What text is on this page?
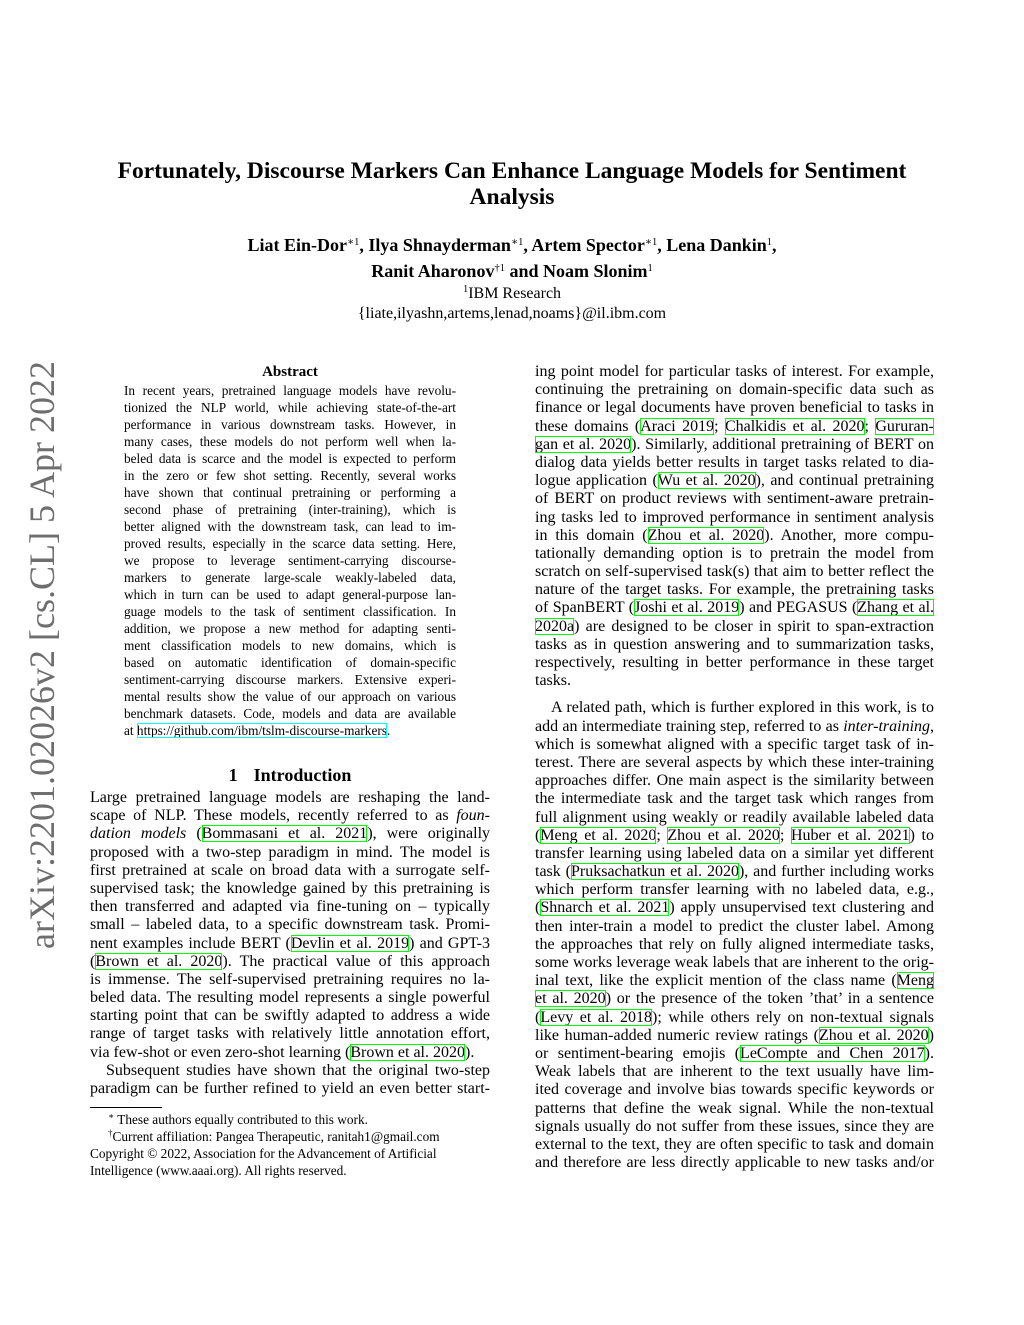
arXiv:2201.02026v2 [cs.CL] 5 Apr 2022
Fortunately, Discourse Markers Can Enhance Language Models for Sentiment
Analysis
Liat Ein-Dor$^{∗1}$, Ilya Shnayderman$^{∗1}$, Artem Spector$^{∗1}$, Lena Dankin$^1$,
Ranit Aharonov$^{\dagger 1}$ and Noam Slonim$^1$
$^1$IBM Research
{liate,ilyashn,artems,lenad,noams}@il.ibm.com
Abstract
In recent years, pretrained language models have revolu-
tionized the NLP world, while achieving state-of-the-art
performance in various downstream tasks. However, in
many cases, these models do not perform well when la-
beled data is scarce and the model is expected to perform
in the zero or few shot setting. Recently, several works
have shown that continual pretraining or performing a
second phase of pretraining (inter-training), which is
better aligned with the downstream task, can lead to im-
proved results, especially in the scarce data setting. Here,
we propose to leverage sentiment-carrying discourse-
markers to generate large-scale weakly-labeled data,
which in turn can be used to adapt general-purpose lan-
guage models to the task of sentiment classification. In
addition, we propose a new method for adapting senti-
ment classification models to new domains, which is
based on automatic identification of domain-specific
sentiment-carrying discourse markers. Extensive experi-
mental results show the value of our approach on various
benchmark datasets. Code, models and data are available
at https://github.com/ibm/tslm-discourse-markers.
1 Introduction
Large pretrained language models are reshaping the land-
scape of NLP. These models, recently referred to as foun-
dation models (Bommasani et al. 2021), were originally
proposed with a two-step paradigm in mind. The model is
first pretrained at scale on broad data with a surrogate self-
supervised task; the knowledge gained by this pretraining is
then transferred and adapted via fine-tuning on – typically
small – labeled data, to a specific downstream task. Promi-
nent examples include BERT (Devlin et al. 2019) and GPT-3
(Brown et al. 2020). The practical value of this approach
is immense. The self-supervised pretraining requires no la-
beled data. The resulting model represents a single powerful
starting point that can be swiftly adapted to address a wide
range of target tasks with relatively little annotation effort,
via few-shot or even zero-shot learning (Brown et al. 2020).
Subsequent studies have shown that the original two-step
paradigm can be further refined to yield an even better start-
∗ These authors equally contributed to this work.
†Current affiliation: Pangea Therapeutic, ranitah1@gmail.com
Copyright © 2022, Association for the Advancement of Artificial
Intelligence (www.aaai.org). All rights reserved.
ing point model for particular tasks of interest. For example,
continuing the pretraining on domain-specific data such as
finance or legal documents have proven beneficial to tasks in
these domains (Araci 2019; Chalkidis et al. 2020; Gururan-
gan et al. 2020). Similarly, additional pretraining of BERT on
dialog data yields better results in target tasks related to dia-
logue application (Wu et al. 2020), and continual pretraining
of BERT on product reviews with sentiment-aware pretrain-
ing tasks led to improved performance in sentiment analysis
in this domain (Zhou et al. 2020). Another, more compu-
tationally demanding option is to pretrain the model from
scratch on self-supervised task(s) that aim to better reflect the
nature of the target tasks. For example, the pretraining tasks
of SpanBERT (Joshi et al. 2019) and PEGASUS (Zhang et al.
2020a) are designed to be closer in spirit to span-extraction
tasks as in question answering and to summarization tasks,
respectively, resulting in better performance in these target
tasks.
A related path, which is further explored in this work, is to
add an intermediate training step, referred to as inter-training,
which is somewhat aligned with a specific target task of in-
terest. There are several aspects by which these inter-training
approaches differ. One main aspect is the similarity between
the intermediate task and the target task which ranges from
full alignment using weakly or readily available labeled data
(Meng et al. 2020; Zhou et al. 2020; Huber et al. 2021) to
transfer learning using labeled data on a similar yet different
task (Pruksachatkun et al. 2020), and further including works
which perform transfer learning with no labeled data, e.g.,
(Shnarch et al. 2021) apply unsupervised text clustering and
then inter-train a model to predict the cluster label. Among
the approaches that rely on fully aligned intermediate tasks,
some works leverage weak labels that are inherent to the orig-
inal text, like the explicit mention of the class name (Meng
et al. 2020) or the presence of the token ’that’ in a sentence
(Levy et al. 2018); while others rely on non-textual signals
like human-added numeric review ratings (Zhou et al. 2020)
or sentiment-bearing emojis (LeCompte and Chen 2017).
Weak labels that are inherent to the text usually have lim-
ited coverage and involve bias towards specific keywords or
patterns that define the weak signal. While the non-textual
signals usually do not suffer from these issues, since they are
external to the text, they are often specific to task and domain
and therefore are less directly applicable to new tasks and/or
